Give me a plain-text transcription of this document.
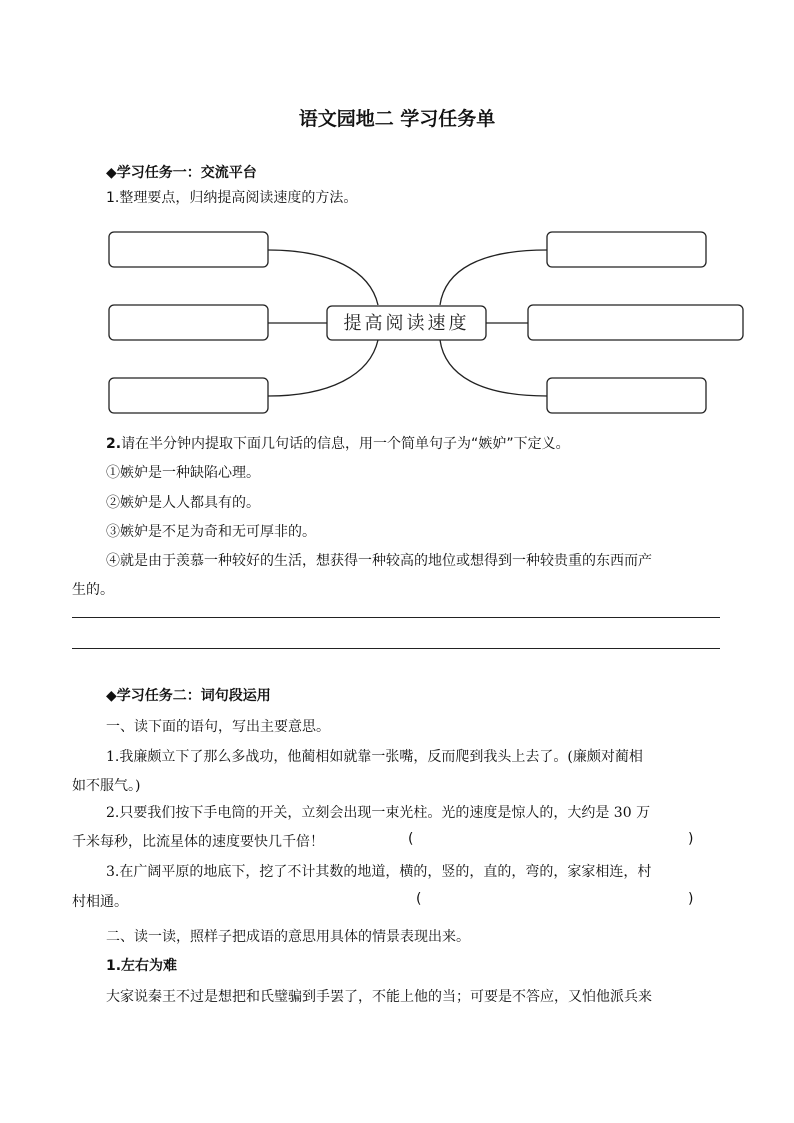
语文园地二 学习任务单
◆学习任务一：交流平台
1.整理要点，归纳提高阅读速度的方法。
提高阅读速度
2.请在半分钟内提取下面几句话的信息，用一个简单句子为“嫉妒”下定义。
①嫉妒是一种缺陷心理。
②嫉妒是人人都具有的。
③嫉妒是不足为奇和无可厚非的。
④就是由于羡慕一种较好的生活，想获得一种较高的地位或想得到一种较贵重的东西而产
生的。
◆学习任务二：词句段运用
一、读下面的语句，写出主要意思。
1.我廉颇立下了那么多战功，他蔺相如就靠一张嘴，反而爬到我头上去了。(廉颇对蔺相
如不服气。)
2.只要我们按下手电筒的开关，立刻会出现一束光柱。光的速度是惊人的，大约是 30 万
千米每秒，比流星体的速度要快几千倍！	(	)
3.在广阔平原的地底下，挖了不计其数的地道，横的，竖的，直的，弯的，家家相连，村
村相通。	(	)
二、读一读，照样子把成语的意思用具体的情景表现出来。
1.左右为难
大家说秦王不过是想把和氏璧骗到手罢了，不能上他的当；可要是不答应，又怕他派兵来
